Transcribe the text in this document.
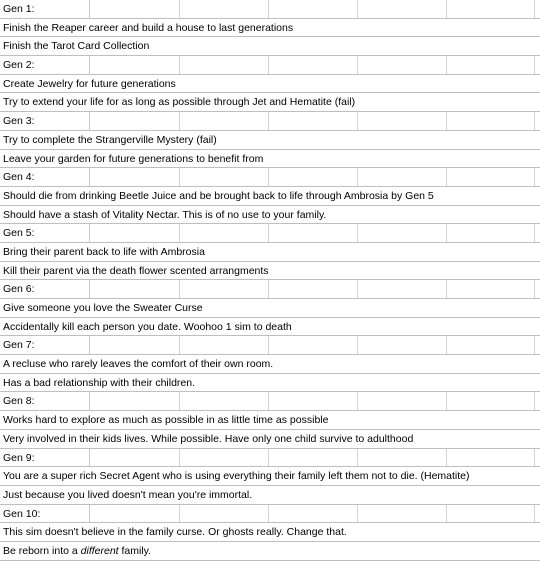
Gen 1:
Finish the Reaper career and build a house to last generations
Finish the Tarot Card Collection
Gen 2:
Create Jewelry for future generations
Try to extend your life for as long as possible through Jet and Hematite (fail)
Gen 3:
Try to complete the Strangerville Mystery (fail)
Leave your garden for future generations to benefit from
Gen 4:
Should die from drinking Beetle Juice and be brought back to life through Ambrosia by Gen 5
Should have a stash of Vitality Nectar. This is of no use to your family.
Gen 5:
Bring their parent back to life with Ambrosia
Kill their parent via the death flower scented arrangments
Gen 6:
Give someone you love the Sweater Curse
Accidentally kill each person you date. Woohoo 1 sim to death
Gen 7:
A recluse who rarely leaves the comfort of their own room.
Has a bad relationship with their children.
Gen 8:
Works hard to explore as much as possible in as little time as possible
Very involved in their kids lives. While possible. Have only one child survive to adulthood
Gen 9:
You are a super rich Secret Agent who is using everything their family left them not to die. (Hematite)
Just because you lived doesn't mean you're immortal.
Gen 10:
This sim doesn't believe in the family curse. Or ghosts really. Change that.
Be reborn into a different family.
